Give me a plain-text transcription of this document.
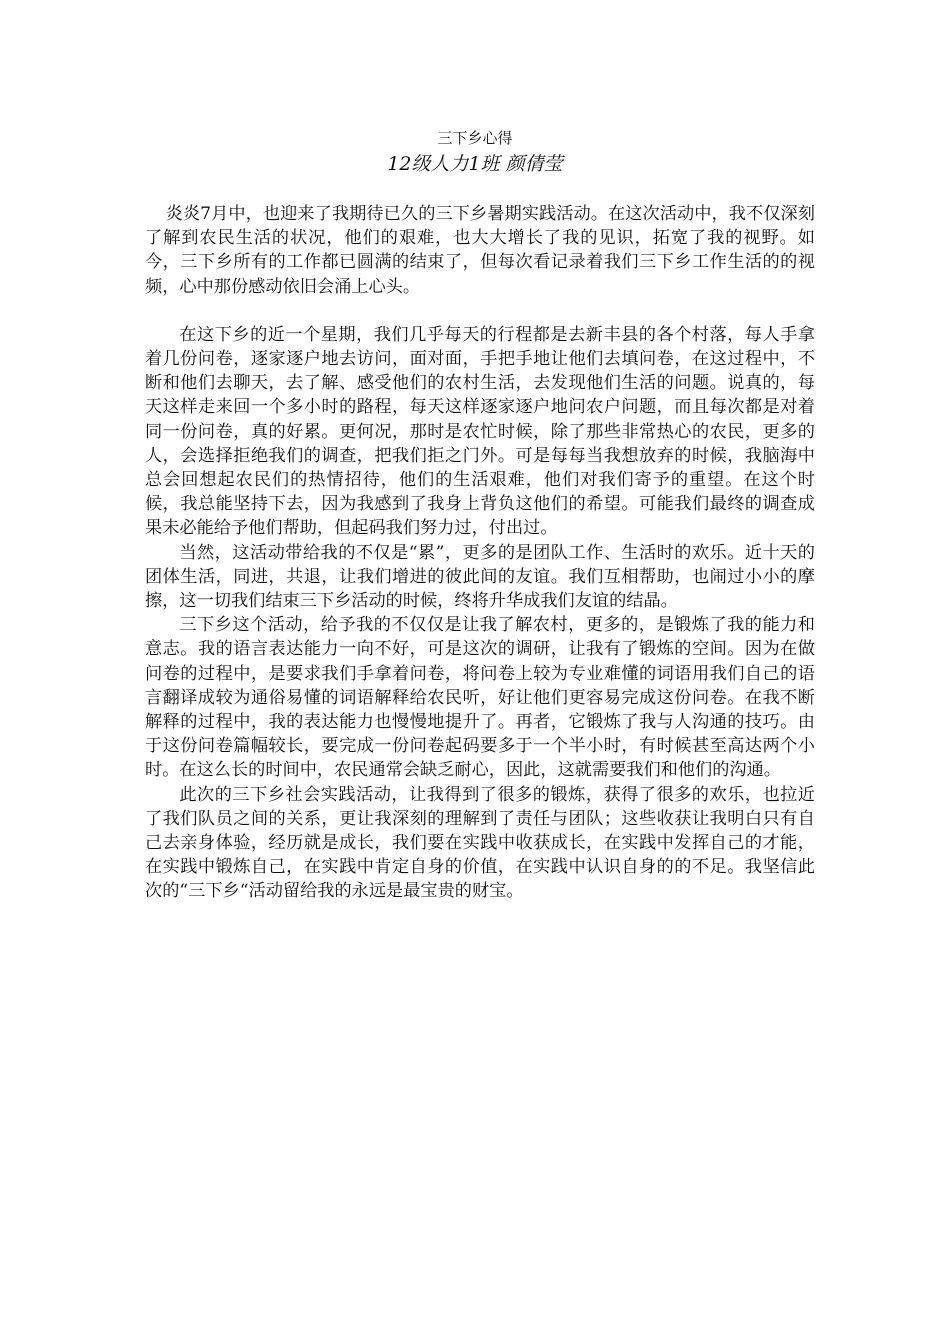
三下乡心得
12级人力1班 颜倩莹

炎炎7月中，也迎来了我期待已久的三下乡暑期实践活动。在这次活动中，我不仅深刻了解到农民生活的状况，他们的艰难，也大大增长了我的见识，拓宽了我的视野。如今，三下乡所有的工作都已圆满的结束了，但每次看记录着我们三下乡工作生活的的视频，心中那份感动依旧会涌上心头。

在这下乡的近一个星期，我们几乎每天的行程都是去新丰县的各个村落，每人手拿着几份问卷，逐家逐户地去访问，面对面，手把手地让他们去填问卷，在这过程中，不断和他们去聊天，去了解、感受他们的农村生活，去发现他们生活的问题。说真的，每天这样走来回一个多小时的路程，每天这样逐家逐户地问农户问题，而且每次都是对着同一份问卷，真的好累。更何况，那时是农忙时候，除了那些非常热心的农民，更多的人，会选择拒绝我们的调查，把我们拒之门外。可是每每当我想放弃的时候，我脑海中总会回想起农民们的热情招待，他们的生活艰难，他们对我们寄予的重望。在这个时候，我总能坚持下去，因为我感到了我身上背负这他们的希望。可能我们最终的调查成果未必能给予他们帮助，但起码我们努力过，付出过。

当然，这活动带给我的不仅是“累”，更多的是团队工作、生活时的欢乐。近十天的团体生活，同进，共退，让我们增进的彼此间的友谊。我们互相帮助，也闹过小小的摩擦，这一切我们结束三下乡活动的时候，终将升华成我们友谊的结晶。

三下乡这个活动，给予我的不仅仅是让我了解农村，更多的，是锻炼了我的能力和意志。我的语言表达能力一向不好，可是这次的调研，让我有了锻炼的空间。因为在做问卷的过程中，是要求我们手拿着问卷，将问卷上较为专业难懂的词语用我们自己的语言翻译成较为通俗易懂的词语解释给农民听，好让他们更容易完成这份问卷。在我不断解释的过程中，我的表达能力也慢慢地提升了。再者，它锻炼了我与人沟通的技巧。由于这份问卷篇幅较长，要完成一份问卷起码要多于一个半小时，有时候甚至高达两个小时。在这么长的时间中，农民通常会缺乏耐心，因此，这就需要我们和他们的沟通。

此次的三下乡社会实践活动，让我得到了很多的锻炼，获得了很多的欢乐，也拉近了我们队员之间的关系，更让我深刻的理解到了责任与团队；这些收获让我明白只有自己去亲身体验，经历就是成长，我们要在实践中收获成长，在实践中发挥自己的才能，在实践中锻炼自己，在实践中肯定自身的价值，在实践中认识自身的的不足。我坚信此次的“三下乡“活动留给我的永远是最宝贵的财宝。
